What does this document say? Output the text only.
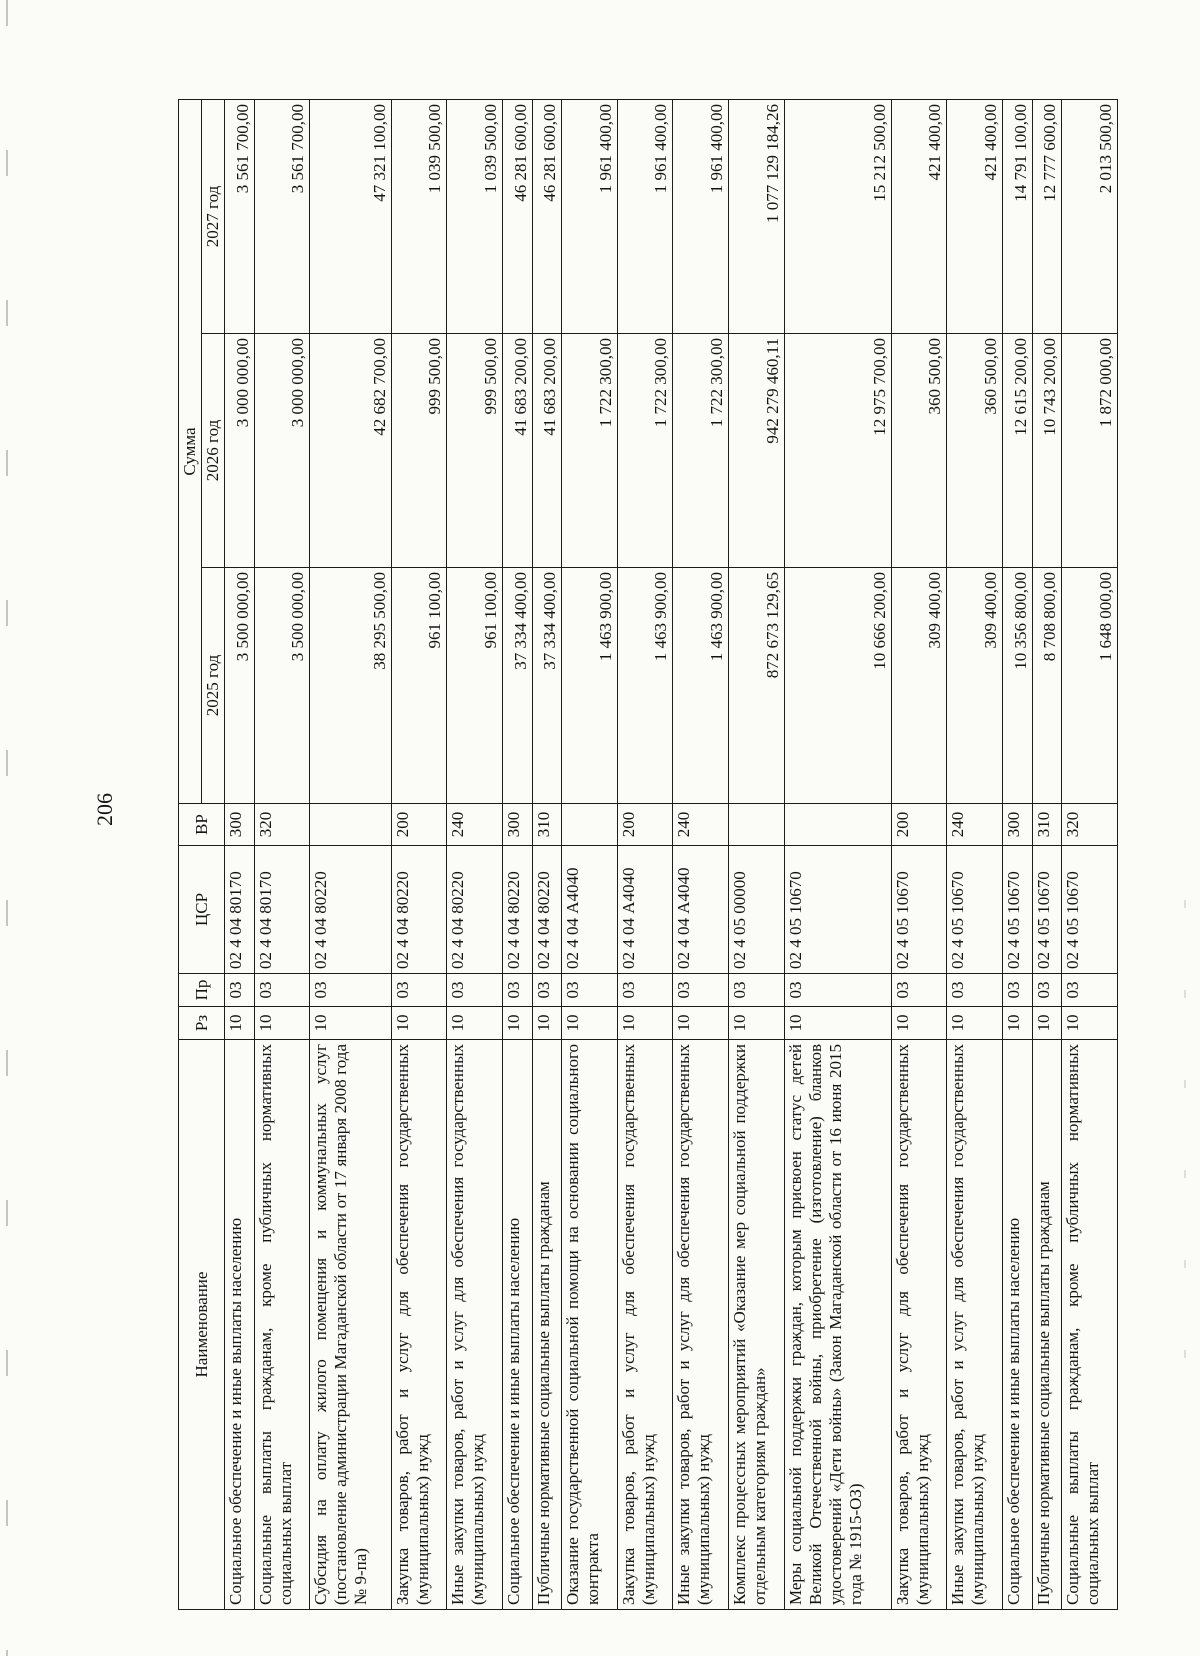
206
Наименование	Рз	Пр	ЦСР	ВР	Сумма		
					2025 год	2026 год	2027 год
Социальное обеспечение и иные выплаты населению	10	03	02 4 04 80170	300	3 500 000,00	3 000 000,00	3 561 700,00
Социальные выплаты гражданам, кроме публичных нормативных социальных выплат	10	03	02 4 04 80170	320	3 500 000,00	3 000 000,00	3 561 700,00
Субсидия на оплату жилого помещения и коммунальных услуг (постановление администрации Магаданской области от 17 января 2008 года № 9-па)	10	03	02 4 04 80220		38 295 500,00	42 682 700,00	47 321 100,00
Закупка товаров, работ и услуг для обеспечения государственных (муниципальных) нужд	10	03	02 4 04 80220	200	961 100,00	999 500,00	1 039 500,00
Иные закупки товаров, работ и услуг для обеспечения государственных (муниципальных) нужд	10	03	02 4 04 80220	240	961 100,00	999 500,00	1 039 500,00
Социальное обеспечение и иные выплаты населению	10	03	02 4 04 80220	300	37 334 400,00	41 683 200,00	46 281 600,00
Публичные нормативные социальные выплаты гражданам	10	03	02 4 04 80220	310	37 334 400,00	41 683 200,00	46 281 600,00
Оказание государственной социальной помощи на основании социального контракта	10	03	02 4 04 А4040		1 463 900,00	1 722 300,00	1 961 400,00
Закупка товаров, работ и услуг для обеспечения государственных (муниципальных) нужд	10	03	02 4 04 А4040	200	1 463 900,00	1 722 300,00	1 961 400,00
Иные закупки товаров, работ и услуг для обеспечения государственных (муниципальных) нужд	10	03	02 4 04 А4040	240	1 463 900,00	1 722 300,00	1 961 400,00
Комплекс процессных мероприятий «Оказание мер социальной поддержки отдельным категориям граждан»	10	03	02 4 05 00000		872 673 129,65	942 279 460,11	1 077 129 184,26
Меры социальной поддержки граждан, которым присвоен статус детей Великой Отечественной войны, приобретение (изготовление) бланков удостоверений «Дети войны» (Закон Магаданской области от 16 июня 2015 года № 1915-ОЗ)	10	03	02 4 05 10670		10 666 200,00	12 975 700,00	15 212 500,00
Закупка товаров, работ и услуг для обеспечения государственных (муниципальных) нужд	10	03	02 4 05 10670	200	309 400,00	360 500,00	421 400,00
Иные закупки товаров, работ и услуг для обеспечения государственных (муниципальных) нужд	10	03	02 4 05 10670	240	309 400,00	360 500,00	421 400,00
Социальное обеспечение и иные выплаты населению	10	03	02 4 05 10670	300	10 356 800,00	12 615 200,00	14 791 100,00
Публичные нормативные социальные выплаты гражданам	10	03	02 4 05 10670	310	8 708 800,00	10 743 200,00	12 777 600,00
Социальные выплаты гражданам, кроме публичных нормативных социальных выплат	10	03	02 4 05 10670	320	1 648 000,00	1 872 000,00	2 013 500,00
